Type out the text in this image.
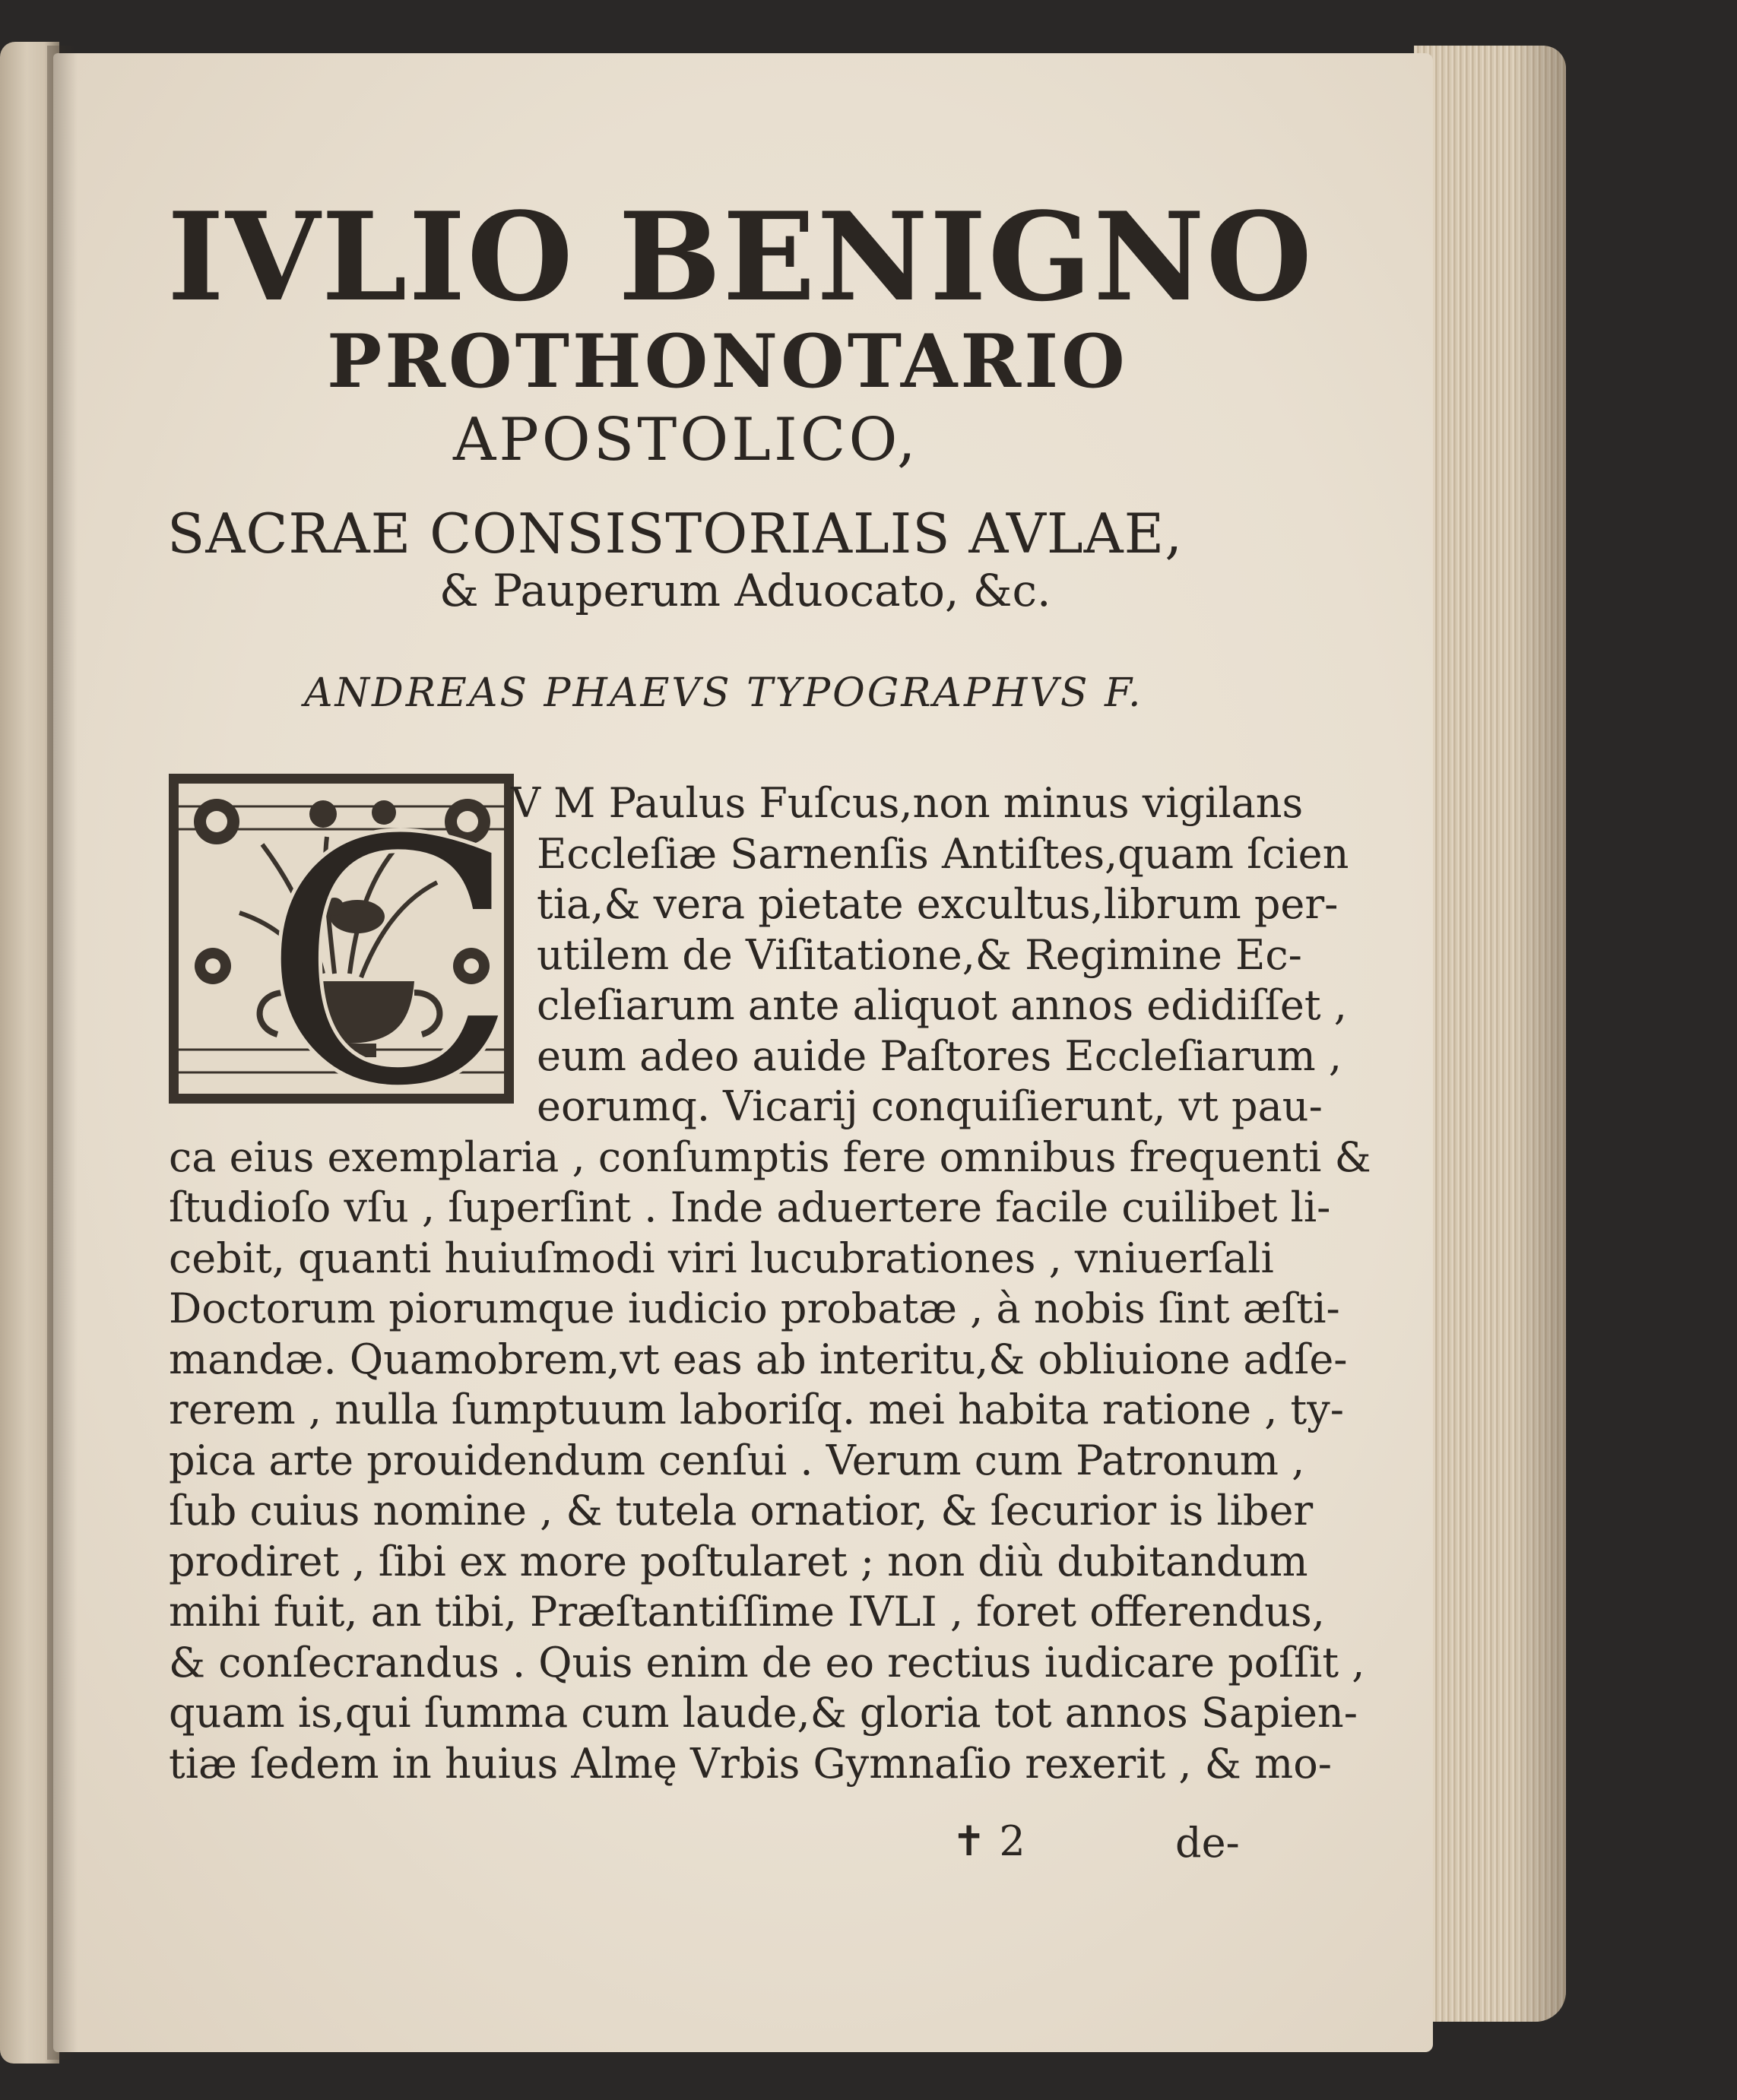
IVLIO BENIGNO
PROTHONOTARIO
APOSTOLICO,
SACRAE CONSISTORIALIS AVLAE,
& Pauperum Aduocato, &c.
ANDREAS PHAEVS TYPOGRAPHVS F.
C
V M Paulus Fuſcus,non minus vigilans
Eccleſiæ Sarnenſis Antiſtes,quam ſcien
tia,& vera pietate excultus,librum per-
utilem de Viſitatione,& Regimine Ec-
cleſiarum ante aliquot annos edidiſſet ,
eum adeo auide Paſtores Eccleſiarum ,
eorumq. Vicarij conquiſierunt, vt pau-
ca eius exemplaria , conſumptis fere omnibus frequenti &
ſtudioſo vſu , ſuperſint . Inde aduertere facile cuilibet li-
cebit, quanti huiuſmodi viri lucubrationes , vniuerſali
Doctorum piorumque iudicio probatæ , à nobis ſint æſti-
mandæ. Quamobrem,vt eas ab interitu,& obliuione adſe-
rerem , nulla ſumptuum laboriſq. mei habita ratione , ty-
pica arte prouidendum cenſui . Verum cum Patronum ,
ſub cuius nomine , & tutela ornatior, & ſecurior is liber
prodiret , ſibi ex more poſtularet ; non diù dubitandum
mihi fuit, an tibi, Præſtantiſſime IVLI , foret offerendus,
& conſecrandus . Quis enim de eo rectius iudicare poſſit ,
quam is,qui ſumma cum laude,& gloria tot annos Sapien-
tiæ ſedem in huius Almę Vrbis Gymnaſio rexerit , & mo-
✝ 2	de-
